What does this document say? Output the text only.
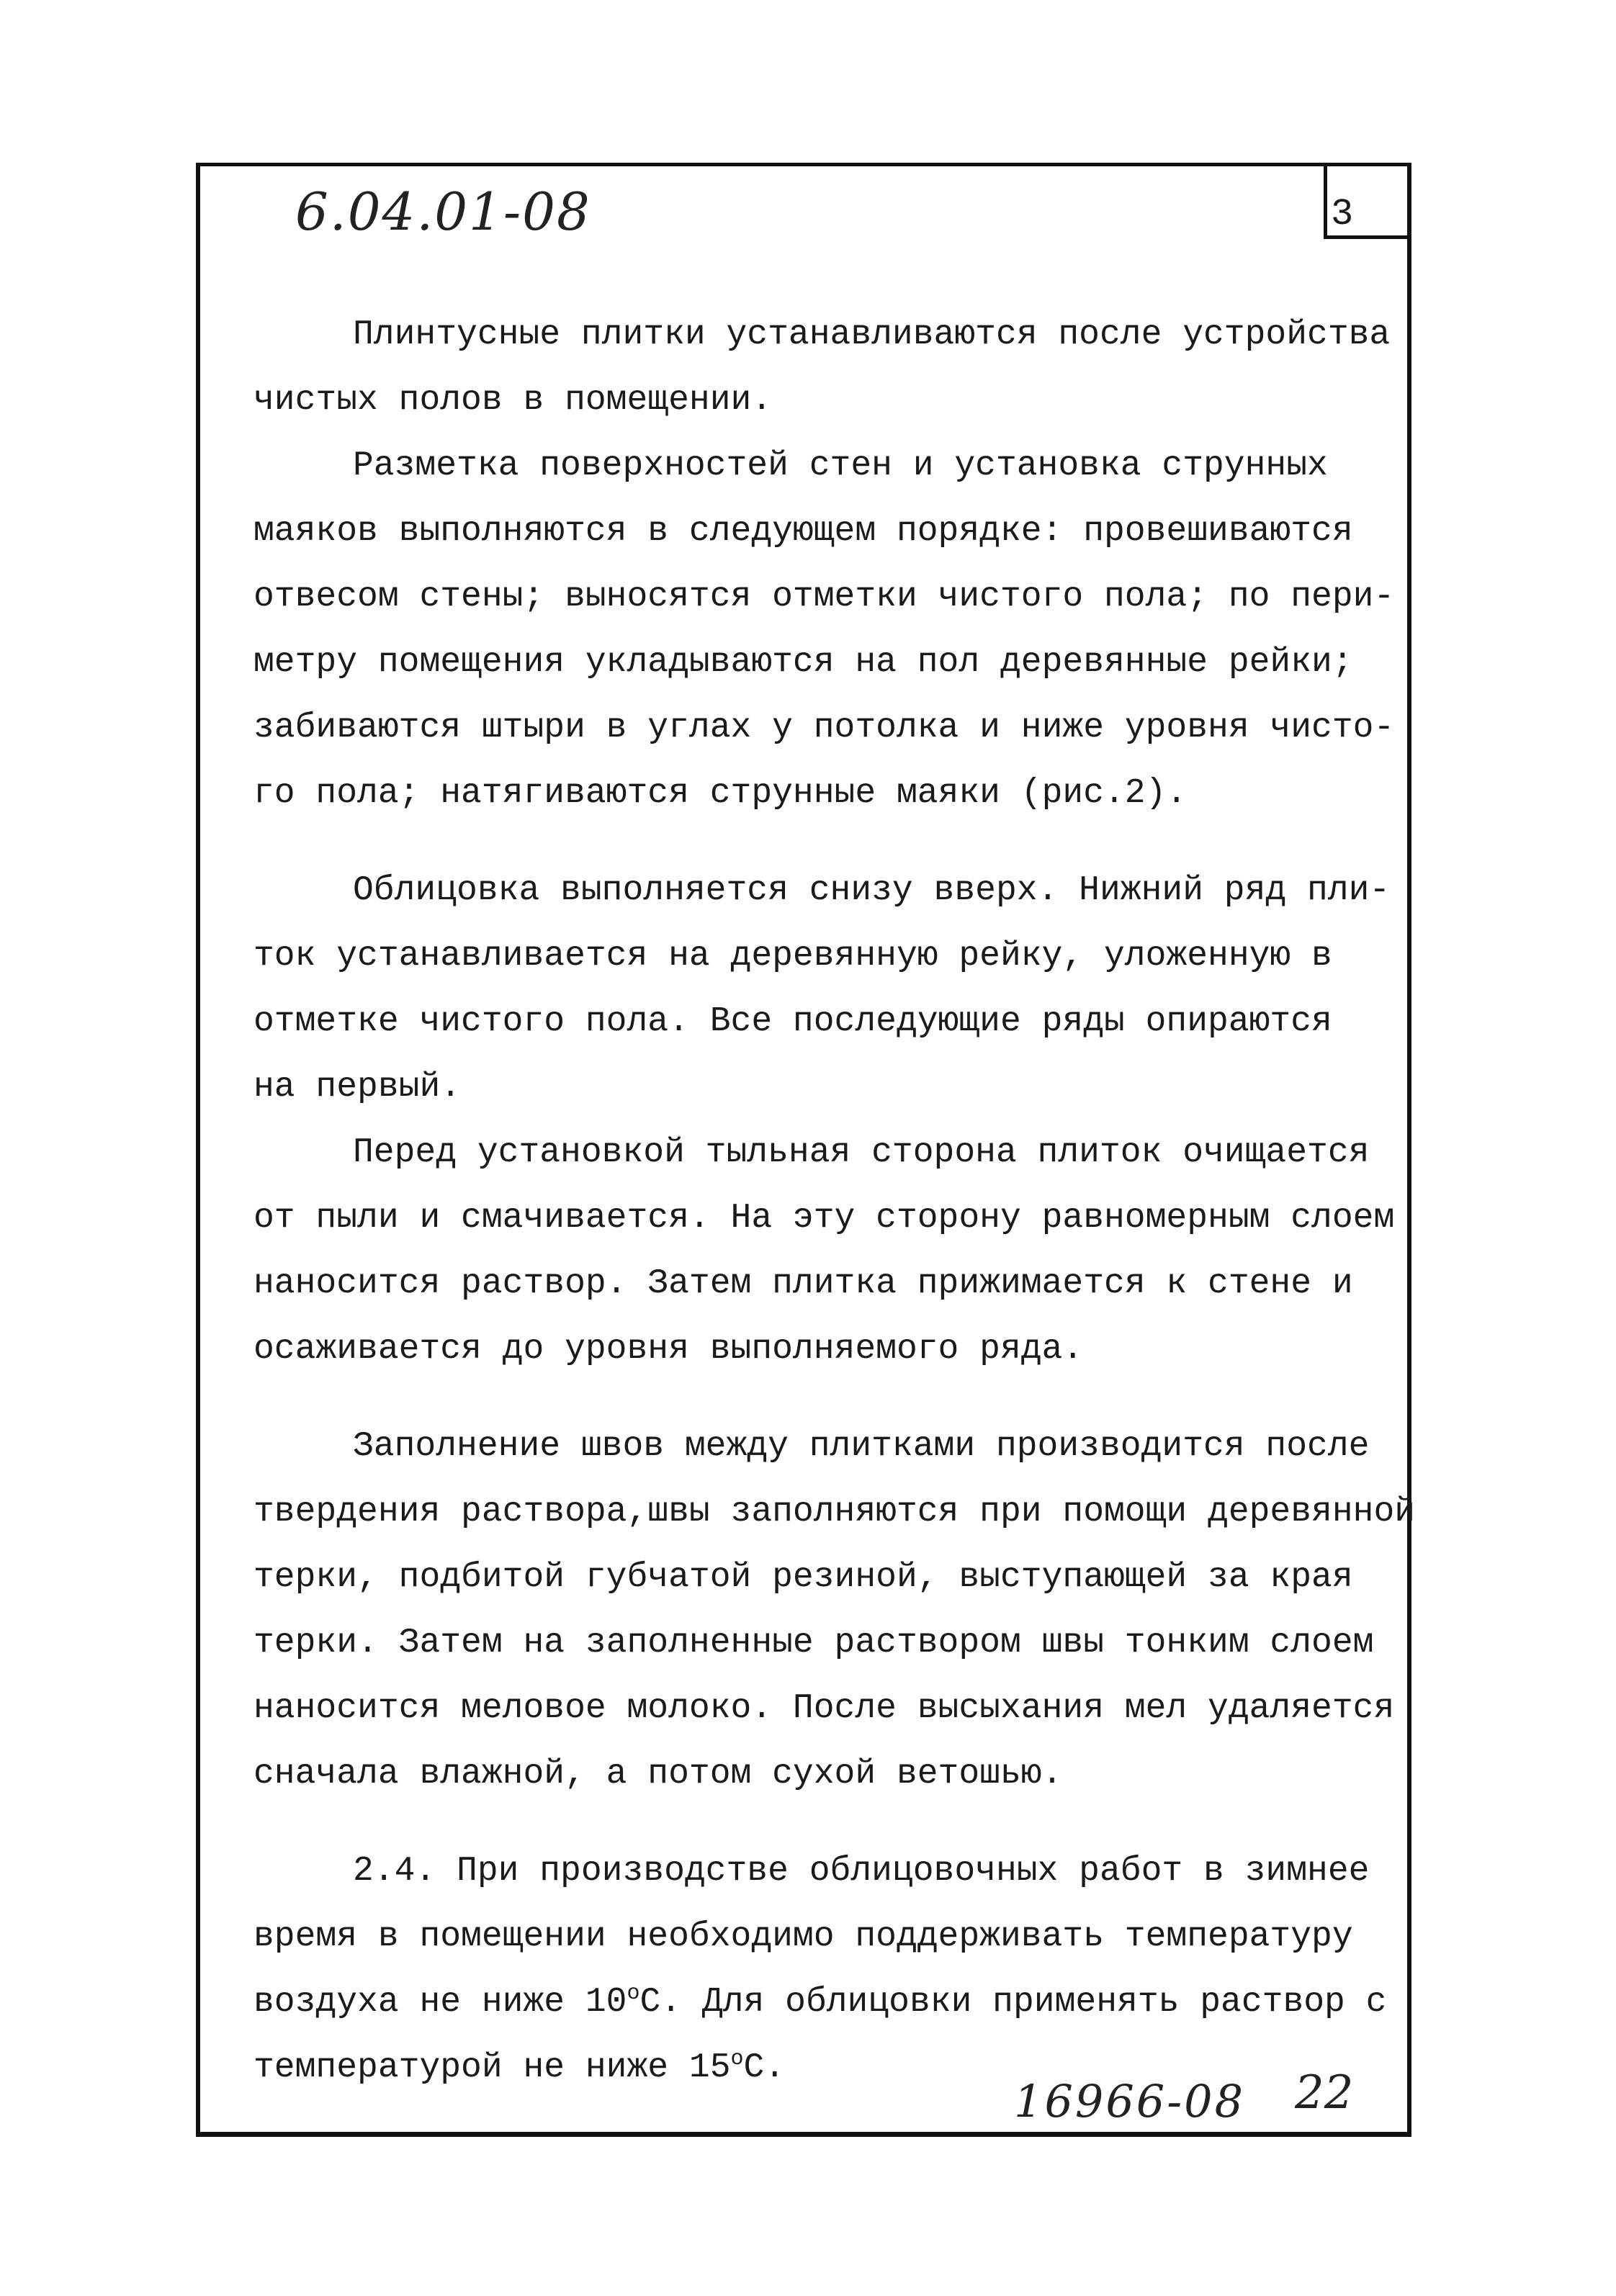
6.04.01-08	3
Плинтусные плитки устанавливаются после устройства
чистых полов в помещении.
Разметка поверхностей стен и установка струнных
маяков выполняются в следующем порядке: провешиваются
отвесом стены; выносятся отметки чистого пола; по пери-
метру помещения укладываются на пол деревянные рейки;
забиваются штыри в углах у потолка и ниже уровня чисто-
го пола; натягиваются струнные маяки (рис.2).
Облицовка выполняется снизу вверх. Нижний ряд пли-
ток устанавливается на деревянную рейку, уложенную в
отметке чистого пола. Все последующие ряды опираются
на первый.
Перед установкой тыльная сторона плиток очищается
от пыли и смачивается. На эту сторону равномерным слоем
наносится раствор. Затем плитка прижимается к стене и
осаживается до уровня выполняемого ряда.
Заполнение швов между плитками производится после
твердения раствора,швы заполняются при помощи деревянной
терки, подбитой губчатой резиной, выступающей за края
терки. Затем на заполненные раствором швы тонким слоем
наносится меловое молоко. После высыхания мел удаляется
сначала влажной, а потом сухой ветошью.
2.4. При производстве облицовочных работ в зимнее
время в помещении необходимо поддерживать температуру
воздуха не ниже 10$^o$С. Для облицовки применять раствор с
температурой не ниже 15$^o$С.
16966-08 22
